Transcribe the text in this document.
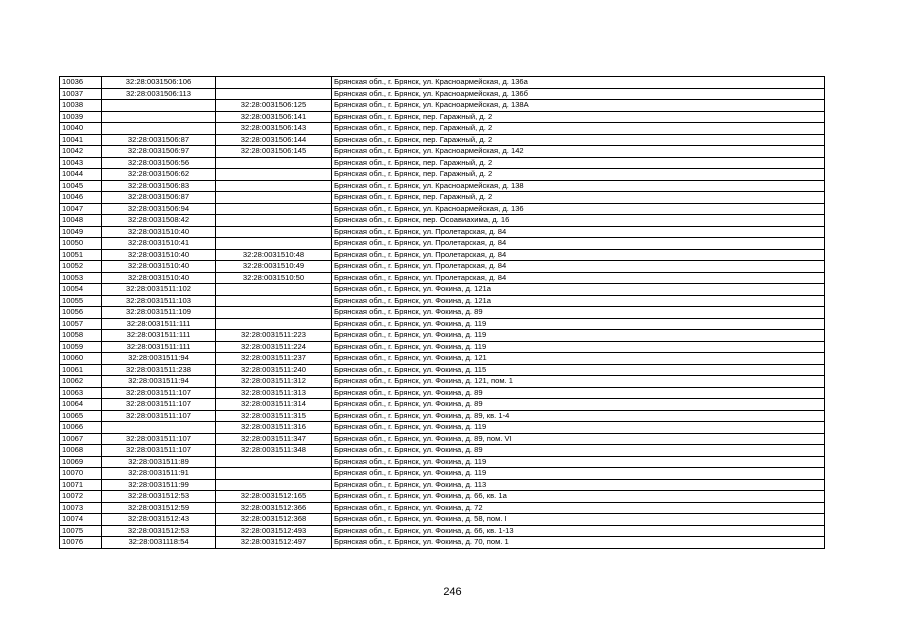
10036	32:28:0031506:106		Брянская обл., г. Брянск, ул. Красноармейская, д. 136а
10037	32:28:0031506:113		Брянская обл., г. Брянск, ул. Красноармейская, д. 136б
10038		32:28:0031506:125	Брянская обл., г. Брянск, ул. Красноармейская, д. 138А
10039		32:28:0031506:141	Брянская обл., г. Брянск, пер. Гаражный, д. 2
10040		32:28:0031506:143	Брянская обл., г. Брянск, пер. Гаражный, д. 2
10041	32:28:0031506:87	32:28:0031506:144	Брянская обл., г. Брянск, пер. Гаражный, д. 2
10042	32:28:0031506:97	32:28:0031506:145	Брянская обл., г. Брянск, ул. Красноармейская, д. 142
10043	32:28:0031506:56		Брянская обл., г. Брянск, пер. Гаражный, д. 2
10044	32:28:0031506:62		Брянская обл., г. Брянск, пер. Гаражный, д. 2
10045	32:28:0031506:83		Брянская обл., г. Брянск, ул. Красноармейская, д. 138
10046	32:28:0031506:87		Брянская обл., г. Брянск, пер. Гаражный, д. 2
10047	32:28:0031506:94		Брянская обл., г. Брянск, ул. Красноармейская, д. 136
10048	32:28:0031508:42		Брянская обл., г. Брянск, пер. Осоавиахима, д. 16
10049	32:28:0031510:40		Брянская обл., г. Брянск, ул. Пролетарская, д. 84
10050	32:28:0031510:41		Брянская обл., г. Брянск, ул. Пролетарская, д. 84
10051	32:28:0031510:40	32:28:0031510:48	Брянская обл., г. Брянск, ул. Пролетарская, д. 84
10052	32:28:0031510:40	32:28:0031510:49	Брянская обл., г. Брянск, ул. Пролетарская, д. 84
10053	32:28:0031510:40	32:28:0031510:50	Брянская обл., г. Брянск, ул. Пролетарская, д. 84
10054	32:28:0031511:102		Брянская обл., г. Брянск, ул. Фокина, д. 121а
10055	32:28:0031511:103		Брянская обл., г. Брянск, ул. Фокина, д. 121а
10056	32:28:0031511:109		Брянская обл., г. Брянск, ул. Фокина, д. 89
10057	32:28:0031511:111		Брянская обл., г. Брянск, ул. Фокина, д. 119
10058	32:28:0031511:111	32:28:0031511:223	Брянская обл., г. Брянск, ул. Фокина, д. 119
10059	32:28:0031511:111	32:28:0031511:224	Брянская обл., г. Брянск, ул. Фокина, д. 119
10060	32:28:0031511:94	32:28:0031511:237	Брянская обл., г. Брянск, ул. Фокина, д. 121
10061	32:28:0031511:238	32:28:0031511:240	Брянская обл., г. Брянск, ул. Фокина, д. 115
10062	32:28:0031511:94	32:28:0031511:312	Брянская обл., г. Брянск, ул. Фокина, д. 121, пом. 1
10063	32:28:0031511:107	32:28:0031511:313	Брянская обл., г. Брянск, ул. Фокина, д. 89
10064	32:28:0031511:107	32:28:0031511:314	Брянская обл., г. Брянск, ул. Фокина, д. 89
10065	32:28:0031511:107	32:28:0031511:315	Брянская обл., г. Брянск, ул. Фокина, д. 89, кв. 1-4
10066		32:28:0031511:316	Брянская обл., г. Брянск, ул. Фокина, д. 119
10067	32:28:0031511:107	32:28:0031511:347	Брянская обл., г. Брянск, ул. Фокина, д. 89, пом. VI
10068	32:28:0031511:107	32:28:0031511:348	Брянская обл., г. Брянск, ул. Фокина, д. 89
10069	32:28:0031511:89		Брянская обл., г. Брянск, ул. Фокина, д. 119
10070	32:28:0031511:91		Брянская обл., г. Брянск, ул. Фокина, д. 119
10071	32:28:0031511:99		Брянская обл., г. Брянск, ул. Фокина, д. 113
10072	32:28:0031512:53	32:28:0031512:165	Брянская обл., г. Брянск, ул. Фокина, д. 66, кв. 1а
10073	32:28:0031512:59	32:28:0031512:366	Брянская обл., г. Брянск, ул. Фокина, д. 72
10074	32:28:0031512:43	32:28:0031512:368	Брянская обл., г. Брянск, ул. Фокина, д. 58, пом. I
10075	32:28:0031512:53	32:28:0031512:493	Брянская обл., г. Брянск, ул. Фокина, д. 66, кв. 1-13
10076	32:28:0031118:54	32:28:0031512:497	Брянская обл., г. Брянск, ул. Фокина, д. 70, пом. 1
246
